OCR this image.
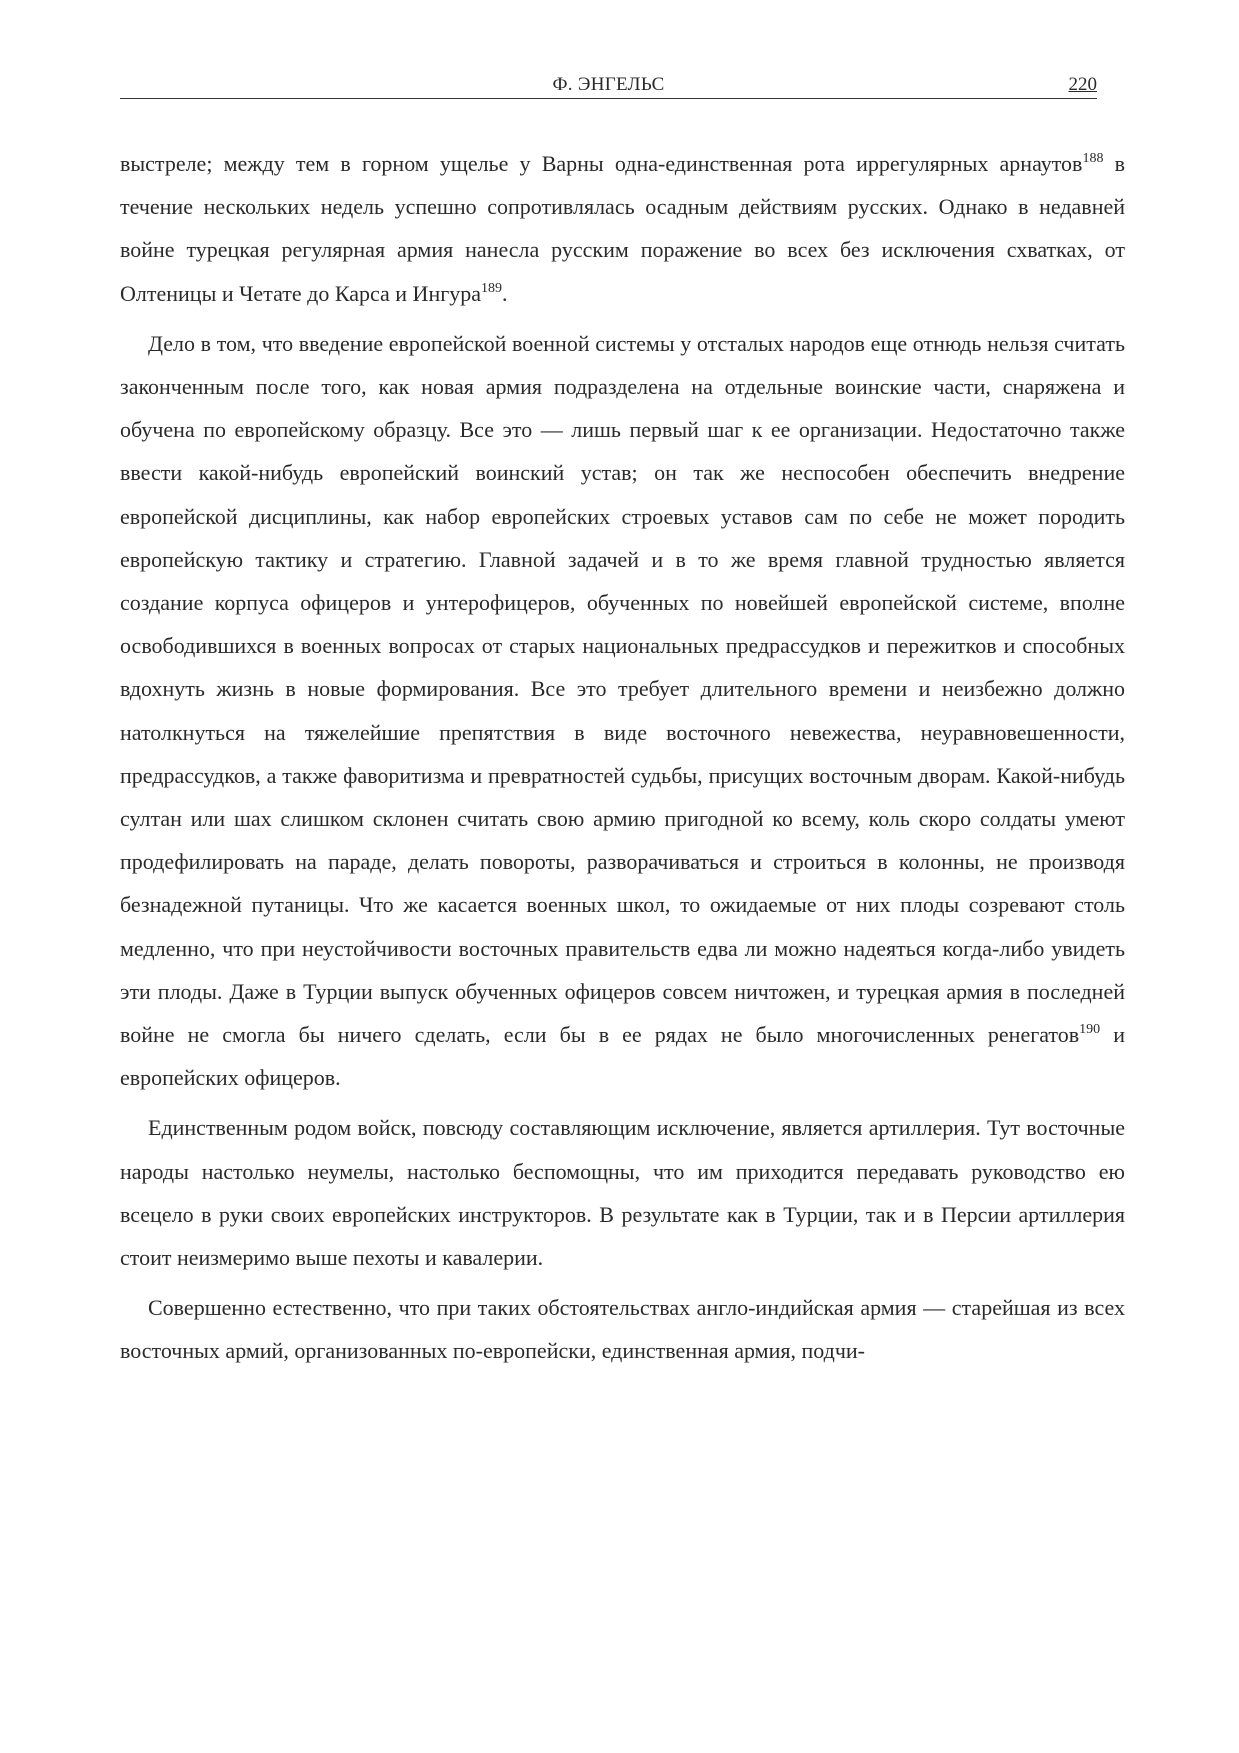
Ф. ЭНГЕЛЬС	220

выстреле; между тем в горном ущелье у Варны одна-единственная рота иррегулярных арнаутов$^{188}$ в течение нескольких недель успешно сопротивлялась осадным действиям русских. Однако в недавней войне турецкая регулярная армия нанесла русским поражение во всех без исключения схватках, от Олтеницы и Четате до Карса и Ингура$^{189}$.

Дело в том, что введение европейской военной системы у отсталых народов еще отнюдь нельзя считать законченным после того, как новая армия подразделена на отдельные воинские части, снаряжена и обучена по европейскому образцу. Все это — лишь первый шаг к ее организации. Недостаточно также ввести какой-нибудь европейский воинский устав; он так же неспособен обеспечить внедрение европейской дисциплины, как набор европейских строевых уставов сам по себе не может породить европейскую тактику и стратегию. Главной задачей и в то же время главной трудностью является создание корпуса офицеров и унтерофицеров, обученных по новейшей европейской системе, вполне освободившихся в военных вопросах от старых национальных предрассудков и пережитков и способных вдохнуть жизнь в новые формирования. Все это требует длительного времени и неизбежно должно натолкнуться на тяжелейшие препятствия в виде восточного невежества, неуравновешенности, предрассудков, а также фаворитизма и превратностей судьбы, присущих восточным дворам. Какой-нибудь султан или шах слишком склонен считать свою армию пригодной ко всему, коль скоро солдаты умеют продефилировать на параде, делать повороты, разворачиваться и строиться в колонны, не производя безнадежной путаницы. Что же касается военных школ, то ожидаемые от них плоды созревают столь медленно, что при неустойчивости восточных правительств едва ли можно надеяться когда-либо увидеть эти плоды. Даже в Турции выпуск обученных офицеров совсем ничтожен, и турецкая армия в последней войне не смогла бы ничего сделать, если бы в ее рядах не было многочисленных ренегатов$^{190}$ и европейских офицеров.

Единственным родом войск, повсюду составляющим исключение, является артиллерия. Тут восточные народы настолько неумелы, настолько беспомощны, что им приходится передавать руководство ею всецело в руки своих европейских инструкторов. В результате как в Турции, так и в Персии артиллерия стоит неизмеримо выше пехоты и кавалерии.

Совершенно естественно, что при таких обстоятельствах англо-индийская армия — старейшая из всех восточных армий, организованных по-европейски, единственная армия, подчи-
